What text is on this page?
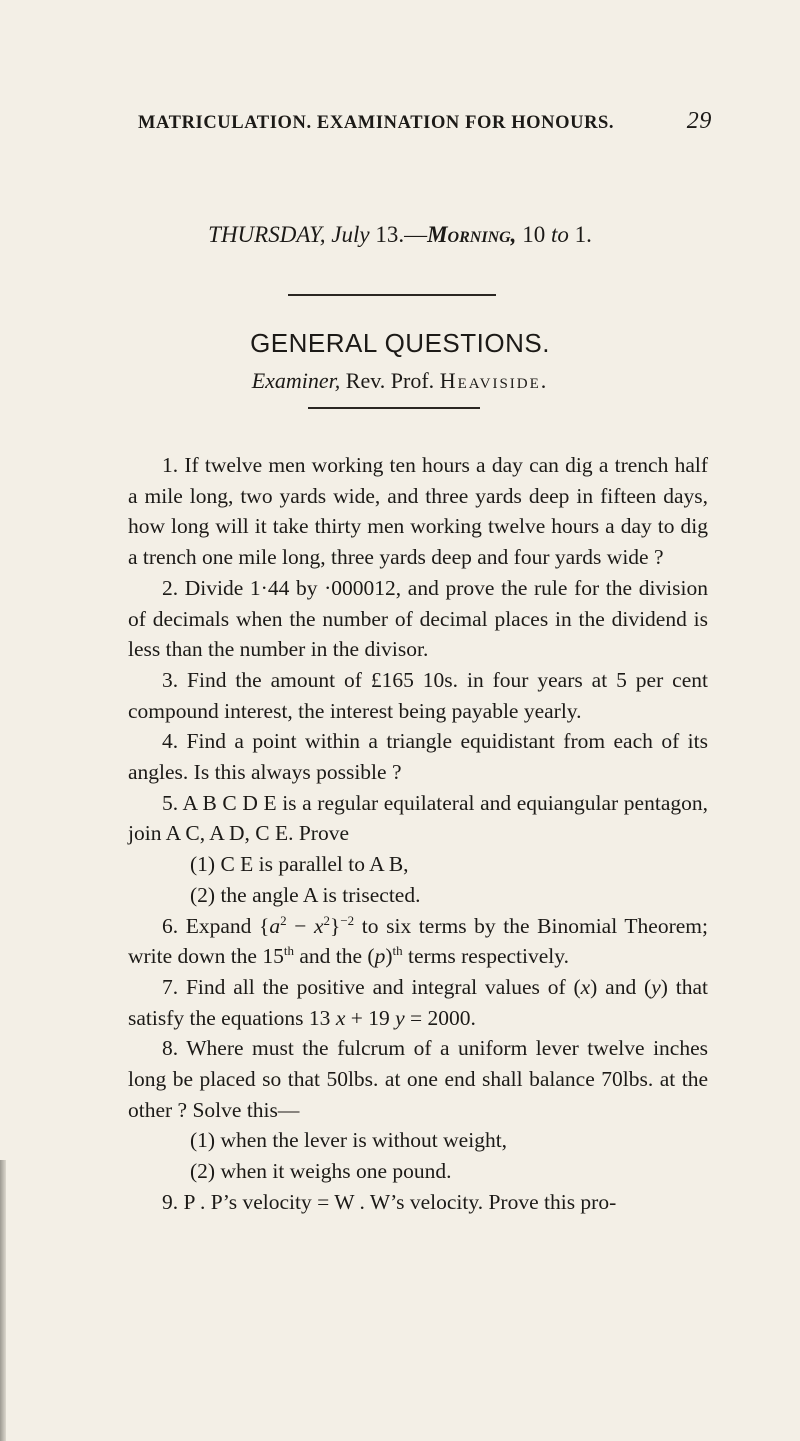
MATRICULATION. EXAMINATION FOR HONOURS.	29
THURSDAY, July 13.—Morning, 10 to 1.
GENERAL QUESTIONS.
Examiner, Rev. Prof. Heaviside.

1. If twelve men working ten hours a day can dig a trench half a mile long, two yards wide, and three yards deep in fifteen days, how long will it take thirty men working twelve hours a day to dig a trench one mile long, three yards deep and four yards wide ?

2. Divide 1·44 by ·000012, and prove the rule for the division of decimals when the number of decimal places in the dividend is less than the number in the divisor.

3. Find the amount of £165 10s. in four years at 5 per cent compound interest, the interest being payable yearly.

4. Find a point within a triangle equidistant from each of its angles. Is this always possible ?

5. A B C D E is a regular equilateral and equiangular pentagon, join A C, A D, C E. Prove

(1) C E is parallel to A B,

(2) the angle A is trisected.

6. Expand $\{a^2 - x^2\}^{-2}$ to six terms by the Binomial Theorem; write down the 15th and the $(p)^{th}$ terms respectively.

7. Find all the positive and integral values of (x) and (y) that satisfy the equations 13 x + 19 y = 2000.

8. Where must the fulcrum of a uniform lever twelve inches long be placed so that 50lbs. at one end shall balance 70lbs. at the other ? Solve this—

(1) when the lever is without weight,

(2) when it weighs one pound.

9. P . P’s velocity = W . W’s velocity. Prove this pro-
